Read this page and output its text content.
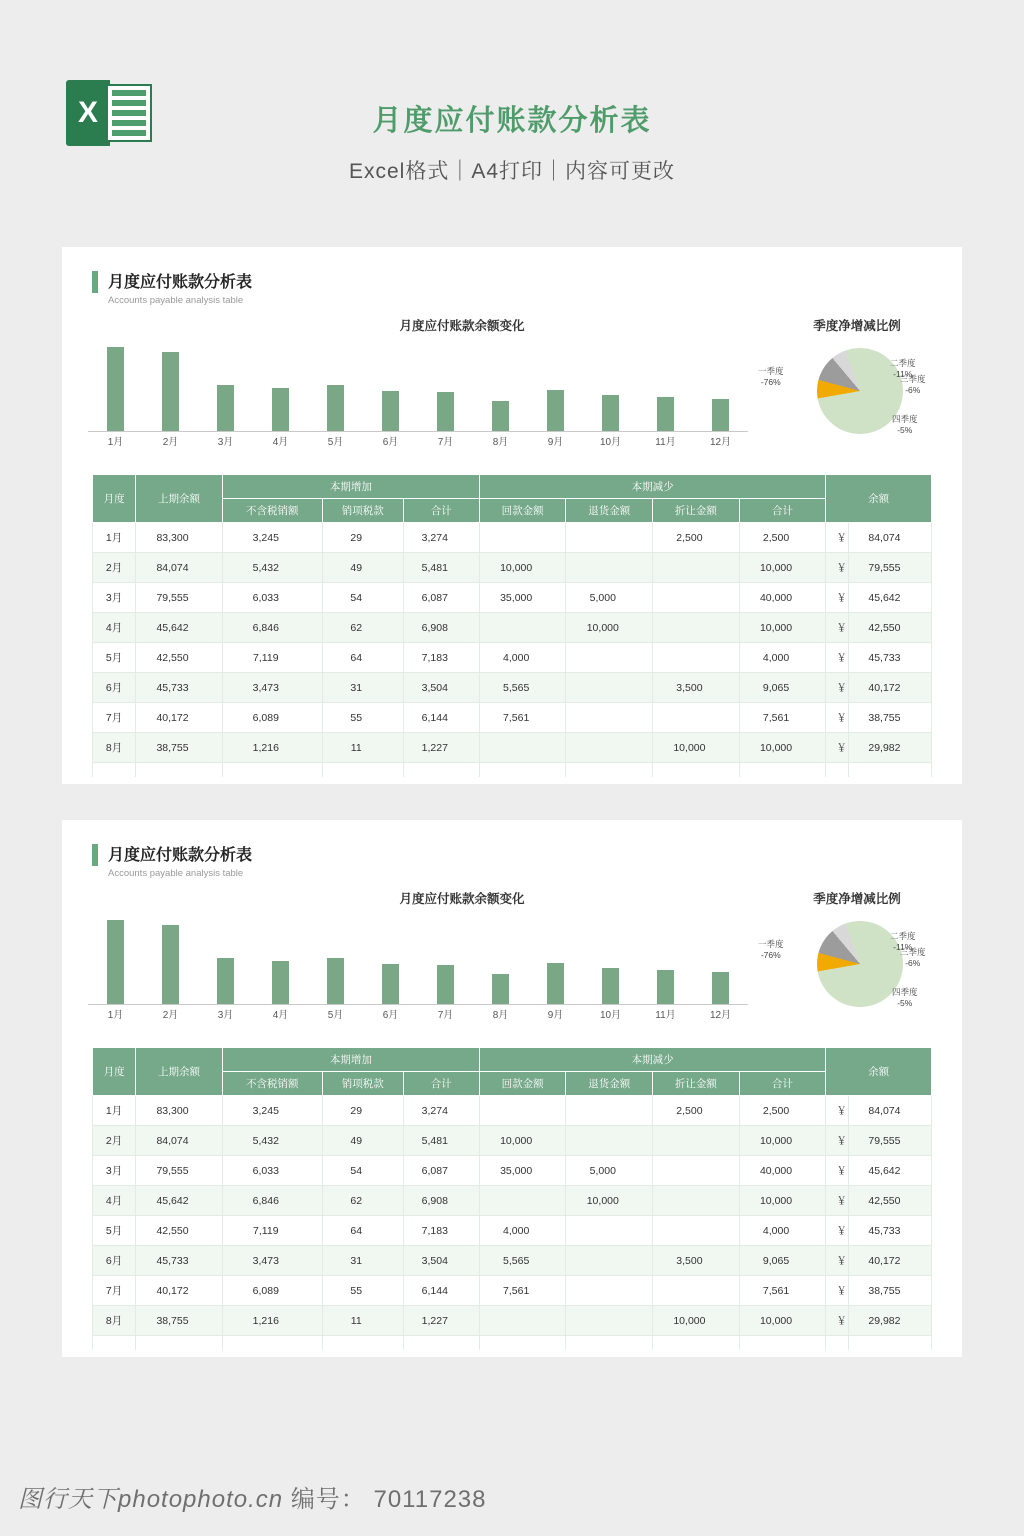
X	月度应付账款分析表
Excel格式｜A4打印｜内容可更改
月度应付账款分析表
Accounts payable analysis table
月度应付账款余额变化	季度净增减比例
1月	2月	3月	4月	5月	6月	7月	8月	9月	10月	11月	12月
一季度
-76%
二季度
-11%
三季度
-6%
四季度
-5%
月度	上期余额	本期增加			本期减少				余额	
		不含税销额	销项税款	合计	回款金额	退货金额	折让金额	合计		
1月	83,300	3,245	29	3,274			2,500	2,500	￥	84,074
2月	84,074	5,432	49	5,481	10,000			10,000	￥	79,555
3月	79,555	6,033	54	6,087	35,000	5,000		40,000	￥	45,642
4月	45,642	6,846	62	6,908		10,000		10,000	￥	42,550
5月	42,550	7,119	64	7,183	4,000			4,000	￥	45,733
6月	45,733	3,473	31	3,504	5,565		3,500	9,065	￥	40,172
7月	40,172	6,089	55	6,144	7,561			7,561	￥	38,755
8月	38,755	1,216	11	1,227			10,000	10,000	￥	29,982

月度应付账款分析表
Accounts payable analysis table
月度应付账款余额变化	季度净增减比例
1月	2月	3月	4月	5月	6月	7月	8月	9月	10月	11月	12月
一季度
-76%
二季度
-11%
三季度
-6%
四季度
-5%
月度	上期余额	本期增加			本期减少				余额	
		不含税销额	销项税款	合计	回款金额	退货金额	折让金额	合计		
1月	83,300	3,245	29	3,274			2,500	2,500	￥	84,074
2月	84,074	5,432	49	5,481	10,000			10,000	￥	79,555
3月	79,555	6,033	54	6,087	35,000	5,000		40,000	￥	45,642
4月	45,642	6,846	62	6,908		10,000		10,000	￥	42,550
5月	42,550	7,119	64	7,183	4,000			4,000	￥	45,733
6月	45,733	3,473	31	3,504	5,565		3,500	9,065	￥	40,172
7月	40,172	6,089	55	6,144	7,561			7,561	￥	38,755
8月	38,755	1,216	11	1,227			10,000	10,000	￥	29,982

图行天下photophoto.cn 编号： 70117238
